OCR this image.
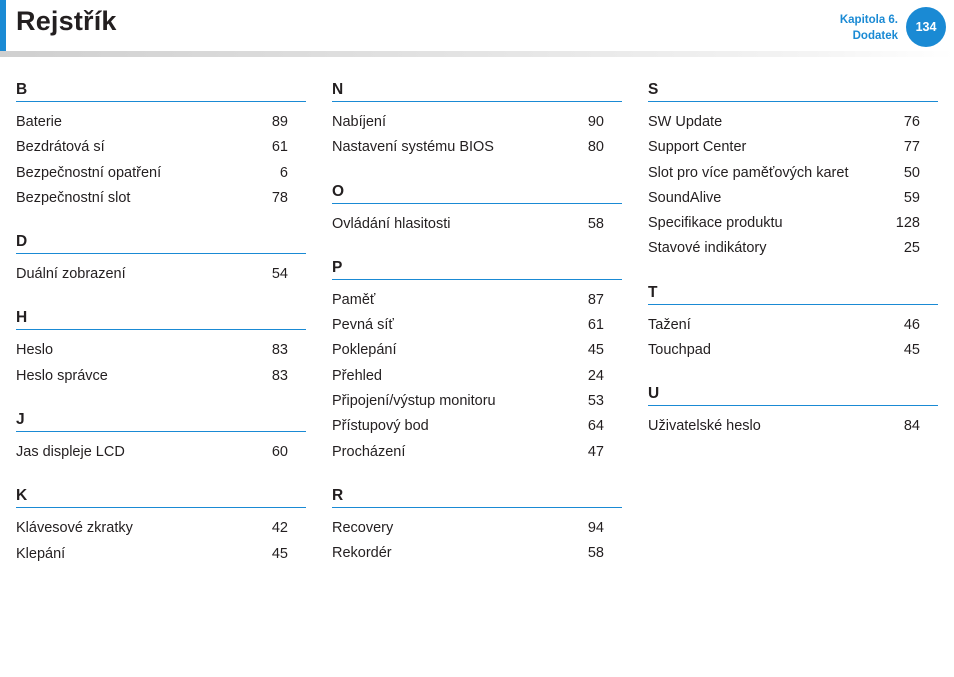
Rejstřík	Kapitola 6.
Dodatek
134
B
Baterie	89
Bezdrátová sí	61
Bezpečnostní opatření	6
Bezpečnostní slot	78
D
Duální zobrazení	54
H
Heslo	83
Heslo správce	83
J
Jas displeje LCD	60
K
Klávesové zkratky	42
Klepání	45
N
Nabíjení	90
Nastavení systému BIOS	80
O
Ovládání hlasitosti	58
P
Paměť	87
Pevná síť	61
Poklepání	45
Přehled	24
Připojení/výstup monitoru	53
Přístupový bod	64
Procházení	47
R
Recovery	94
Rekordér	58
S
SW Update	76
Support Center	77
Slot pro více paměťových karet	50
SoundAlive	59
Specifikace produktu	128
Stavové indikátory	25
T
Tažení	46
Touchpad	45
U
Uživatelské heslo	84
